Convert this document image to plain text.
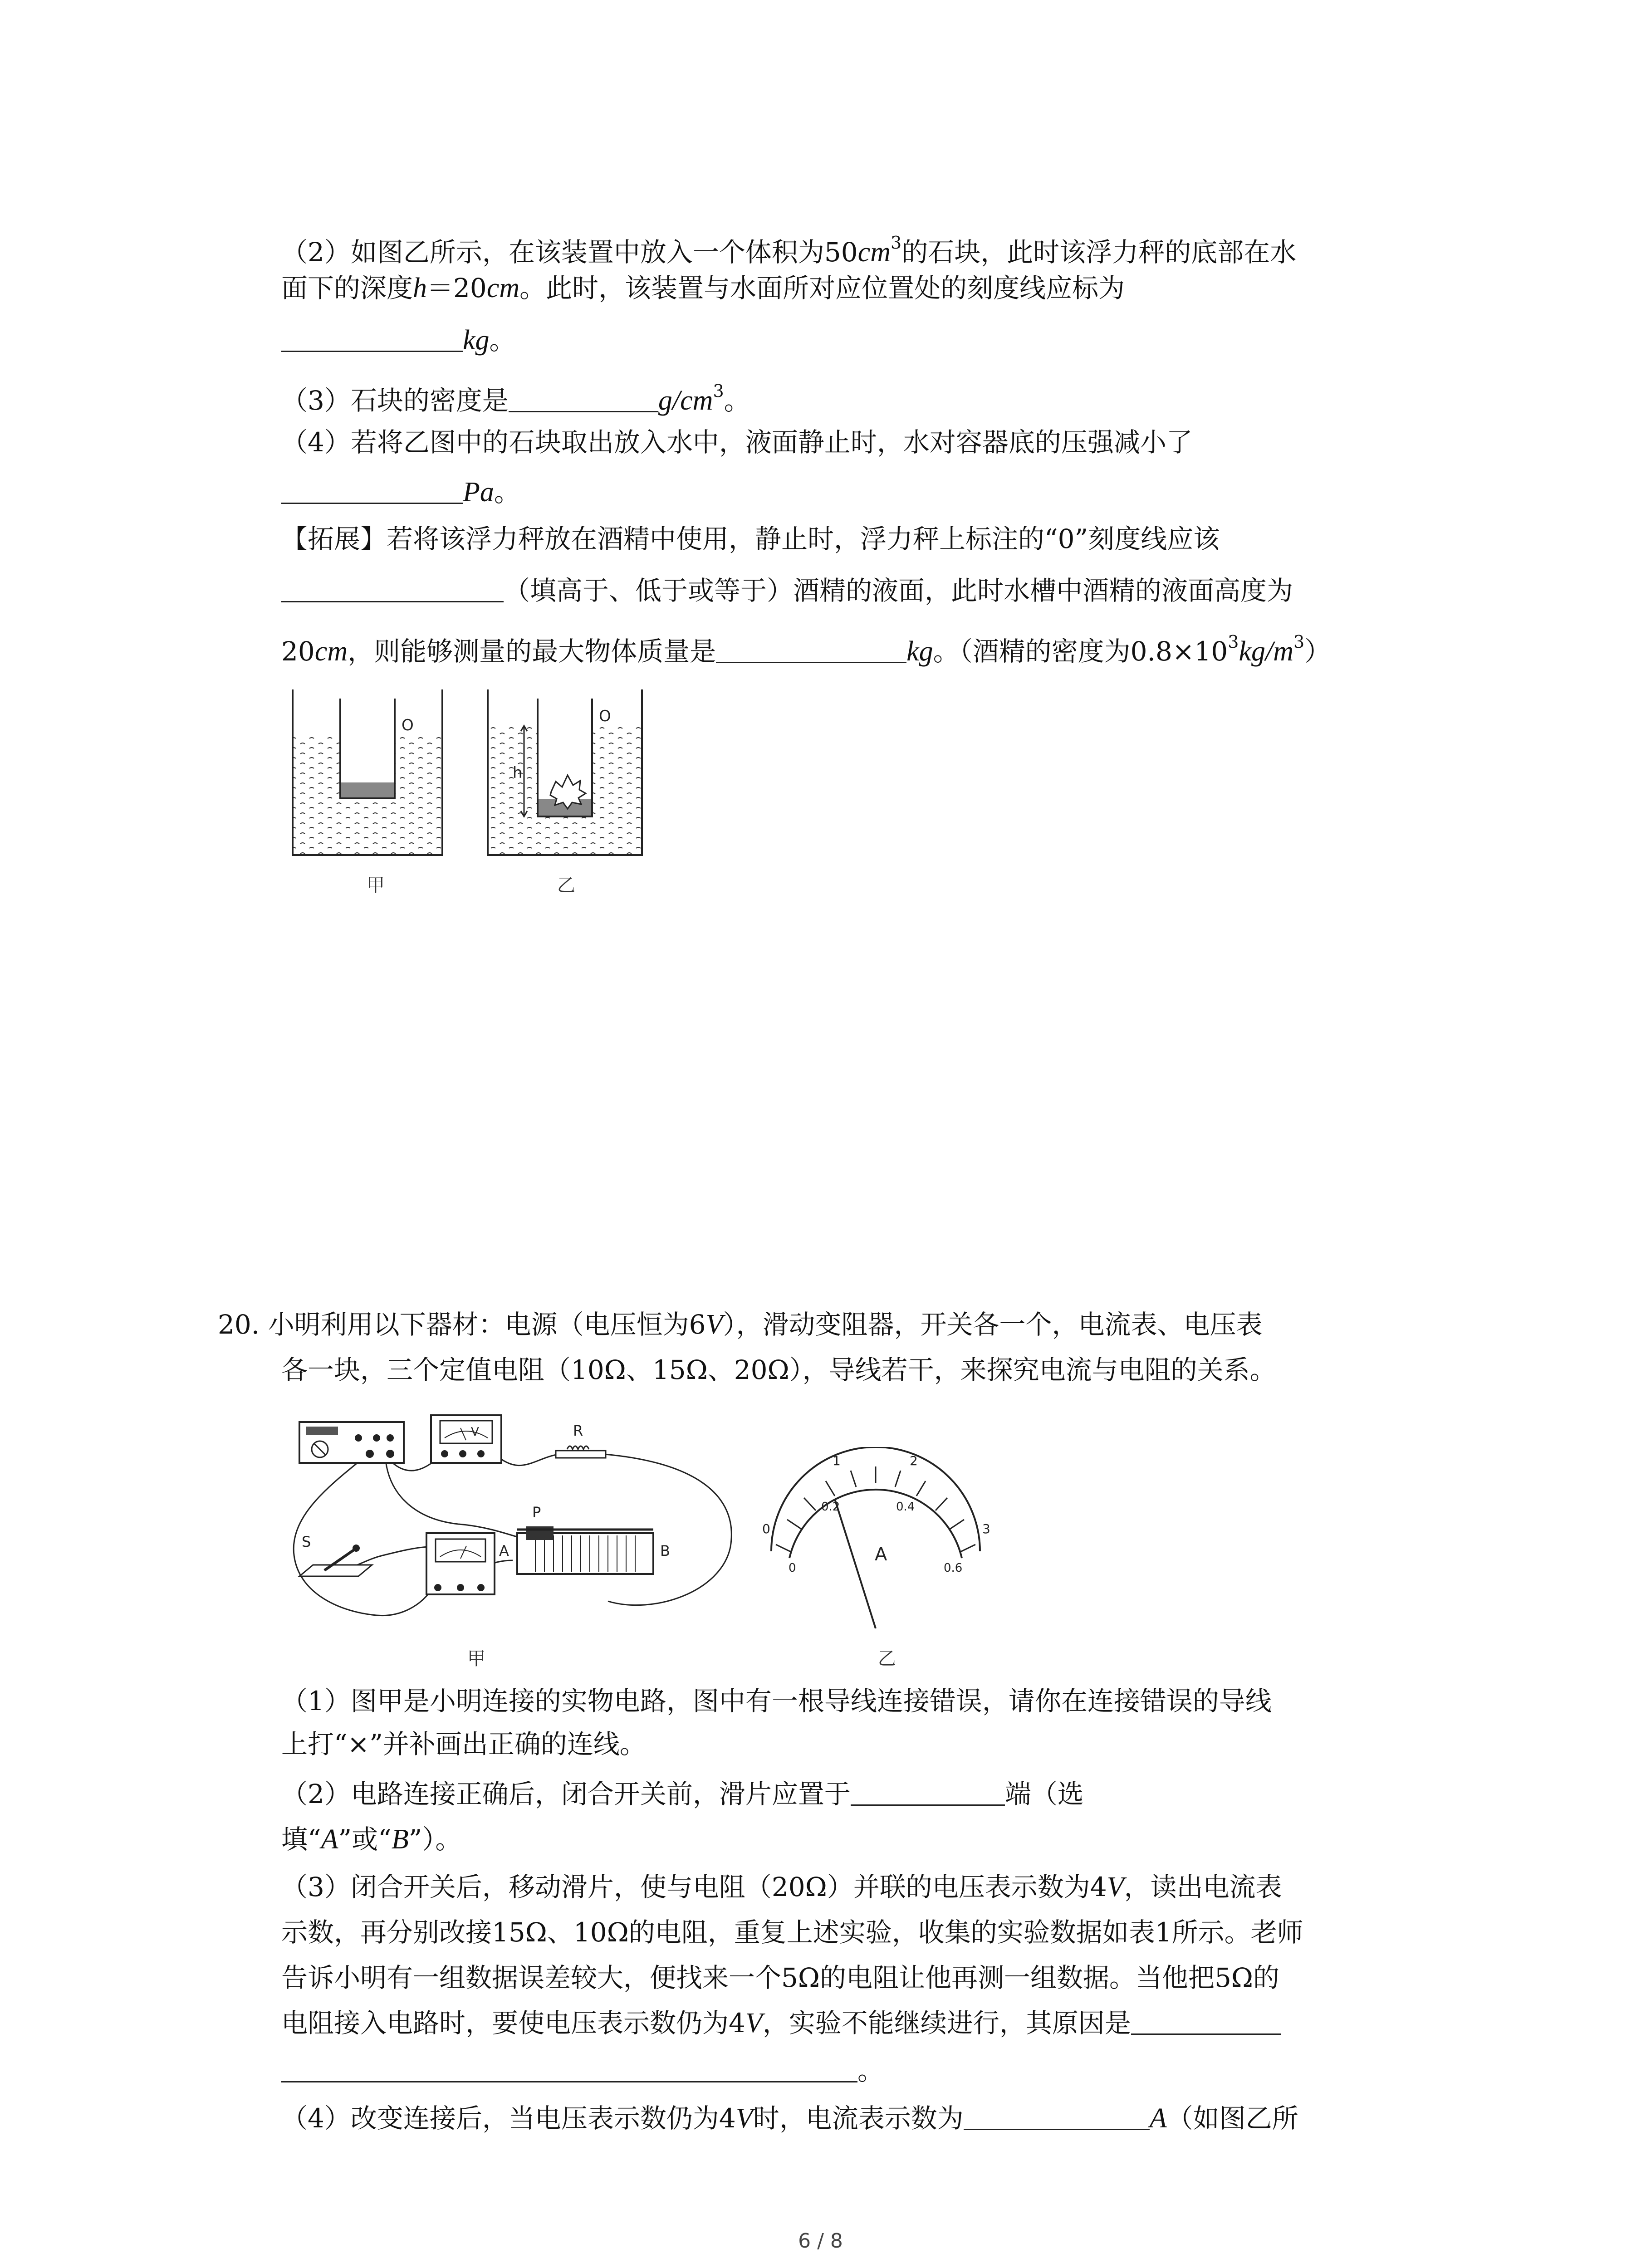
（2）如图乙所示，在该装置中放入一个体积为$50cm^3$的石块，此时该浮力秤的底部在水
面下的深度h＝20cm。此时，该装置与水面所对应位置处的刻度线应标为
kg。
（3）石块的密度是	$g/cm^3$。
（4）若将乙图中的石块取出放入水中，液面静止时，水对容器底的压强减小了
Pa。
【拓展】若将该浮力秤放在酒精中使用，静止时，浮力秤上标注的“0”刻度线应该
（填高于、低于或等于）酒精的液面，此时水槽中酒精的液面高度为
20cm，则能够测量的最大物体质量是	kg。（酒精的密度为$0.8\times 10^3kg/m^3$）
O
h
O
甲	乙
20. 小明利用以下器材：电源（电压恒为6V），滑动变阻器，开关各一个，电流表、电压表
各一块，三个定值电阻（10Ω、15Ω、20Ω），导线若干，来探究电流与电阻的关系。
V	R
S
P
A	B
0
1	2
3
0
0.2	0.4
0.6
A
甲	乙
（1）图甲是小明连接的实物电路，图中有一根导线连接错误，请你在连接错误的导线
上打“×”并补画出正确的连线。
（2）电路连接正确后，闭合开关前，滑片应置于	端（选
填“A”或“B”）。
（3）闭合开关后，移动滑片，使与电阻（20Ω）并联的电压表示数为4V，读出电流表
示数，再分别改接15Ω、10Ω的电阻，重复上述实验，收集的实验数据如表1所示。老师
告诉小明有一组数据误差较大，便找来一个5Ω的电阻让他再测一组数据。当他把5Ω的
电阻接入电路时，要使电压表示数仍为4V，实验不能继续进行，其原因是
。
（4）改变连接后，当电压表示数仍为4V时，电流表示数为	A（如图乙所
6 / 8
